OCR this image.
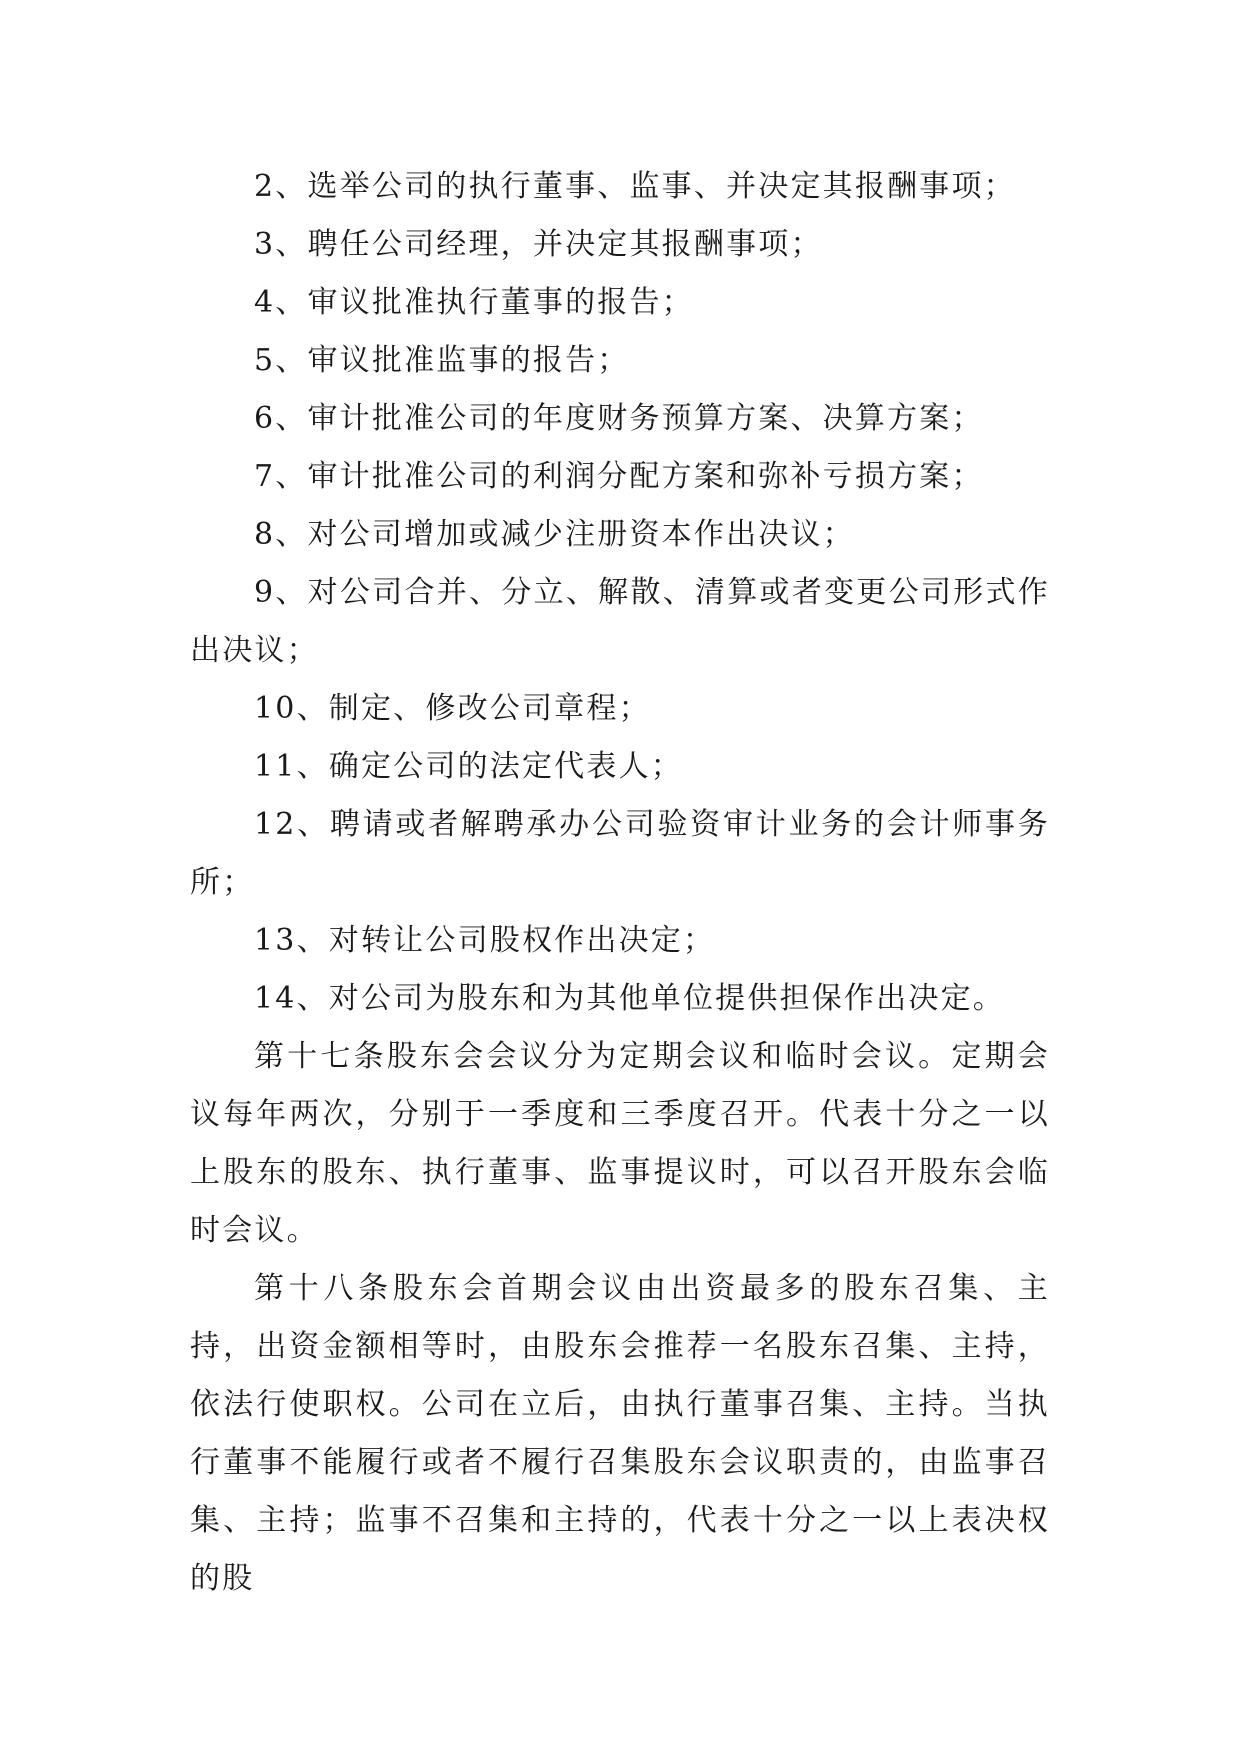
2、选举公司的执行董事、监事、并决定其报酬事项；

3、聘任公司经理，并决定其报酬事项；

4、审议批准执行董事的报告；

5、审议批准监事的报告；

6、审计批准公司的年度财务预算方案、决算方案；

7、审计批准公司的利润分配方案和弥补亏损方案；

8、对公司增加或减少注册资本作出决议；

9、对公司合并、分立、解散、清算或者变更公司形式作出决议；

10、制定、修改公司章程；

11、确定公司的法定代表人；

12、聘请或者解聘承办公司验资审计业务的会计师事务所；

13、对转让公司股权作出决定；

14、对公司为股东和为其他单位提供担保作出决定。

第十七条股东会会议分为定期会议和临时会议。定期会议每年两次，分别于一季度和三季度召开。代表十分之一以上股东的股东、执行董事、监事提议时，可以召开股东会临时会议。

第十八条股东会首期会议由出资最多的股东召集、主持，出资金额相等时，由股东会推荐一名股东召集、主持，依法行使职权。公司在立后，由执行董事召集、主持。当执行董事不能履行或者不履行召集股东会议职责的，由监事召集、主持；监事不召集和主持的，代表十分之一以上表决权的股
